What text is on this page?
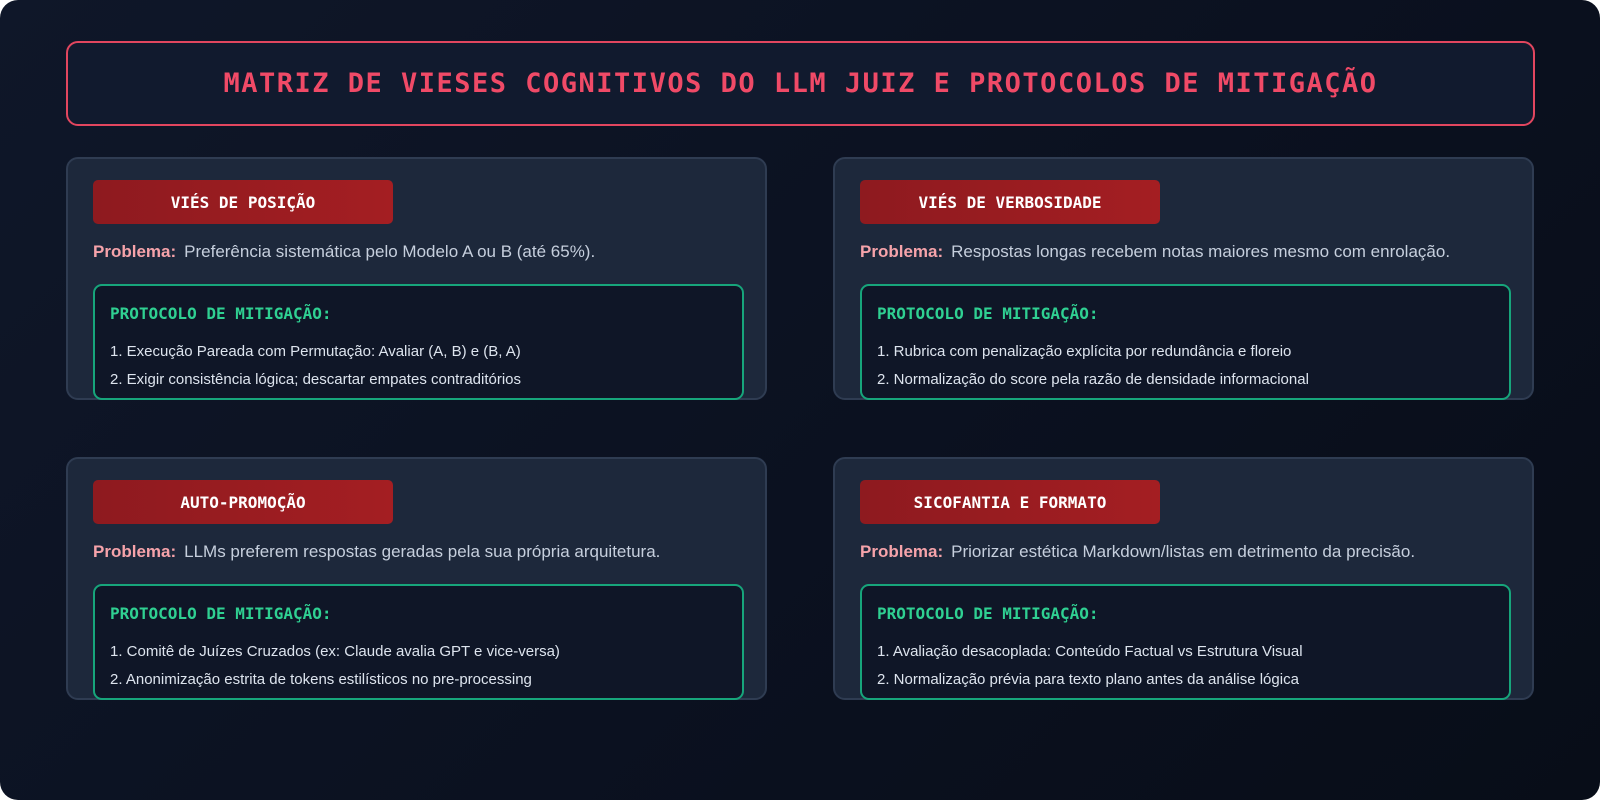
MATRIZ DE VIESES COGNITIVOS DO LLM JUIZ E PROTOCOLOS DE MITIGAÇÃO
VIÉS DE POSIÇÃO
Problema: Preferência sistemática pelo Modelo A ou B (até 65%).
PROTOCOLO DE MITIGAÇÃO:
1. Execução Pareada com Permutação: Avaliar (A, B) e (B, A)
2. Exigir consistência lógica; descartar empates contraditórios
VIÉS DE VERBOSIDADE
Problema: Respostas longas recebem notas maiores mesmo com enrolação.
PROTOCOLO DE MITIGAÇÃO:
1. Rubrica com penalização explícita por redundância e floreio
2. Normalização do score pela razão de densidade informacional
AUTO-PROMOÇÃO
Problema: LLMs preferem respostas geradas pela sua própria arquitetura.
PROTOCOLO DE MITIGAÇÃO:
1. Comitê de Juízes Cruzados (ex: Claude avalia GPT e vice-versa)
2. Anonimização estrita de tokens estilísticos no pre-processing
SICOFANTIA E FORMATO
Problema: Priorizar estética Markdown/listas em detrimento da precisão.
PROTOCOLO DE MITIGAÇÃO:
1. Avaliação desacoplada: Conteúdo Factual vs Estrutura Visual
2. Normalização prévia para texto plano antes da análise lógica
